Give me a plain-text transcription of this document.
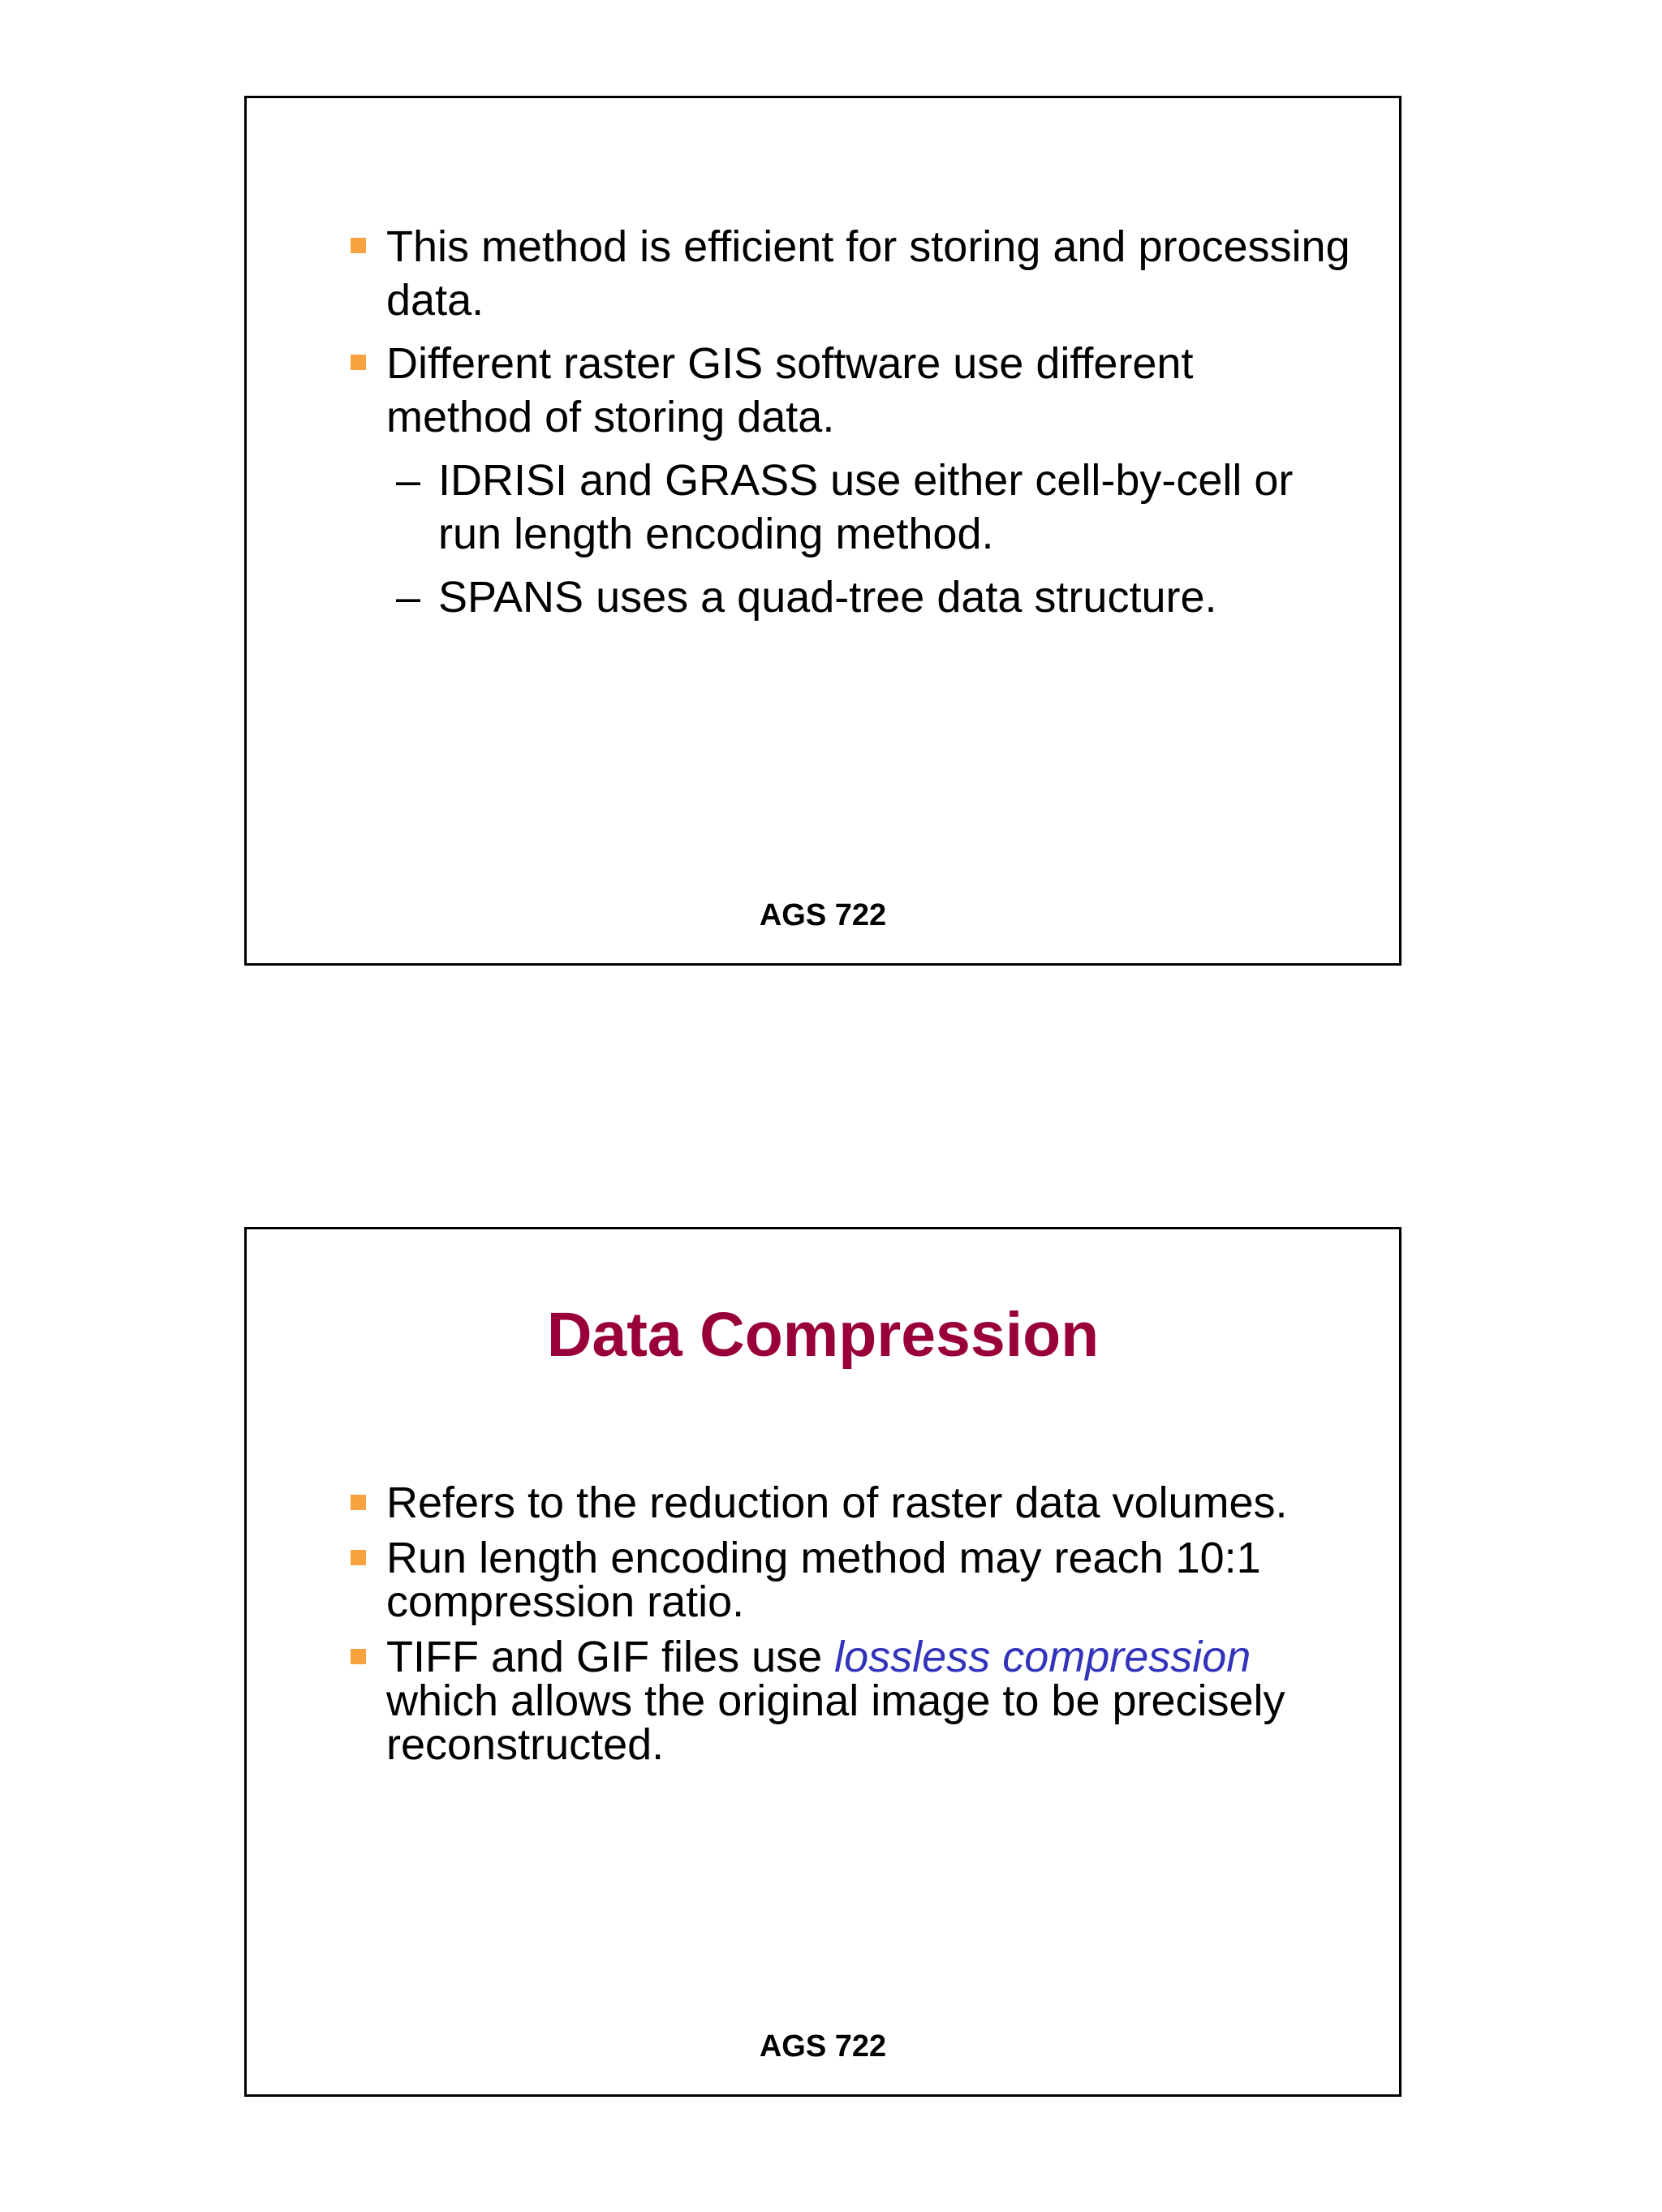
This method is efficient for storing and processing data.
Different raster GIS software use different method of storing data.
– IDRISI and GRASS use either cell-by-cell or run length encoding method.
– SPANS uses a quad-tree data structure.
AGS 722
Data Compression
Refers to the reduction of raster data volumes.
Run length encoding method may reach 10:1 compression ratio.
TIFF and GIF files use lossless compression which allows the original image to be precisely reconstructed.
AGS 722
